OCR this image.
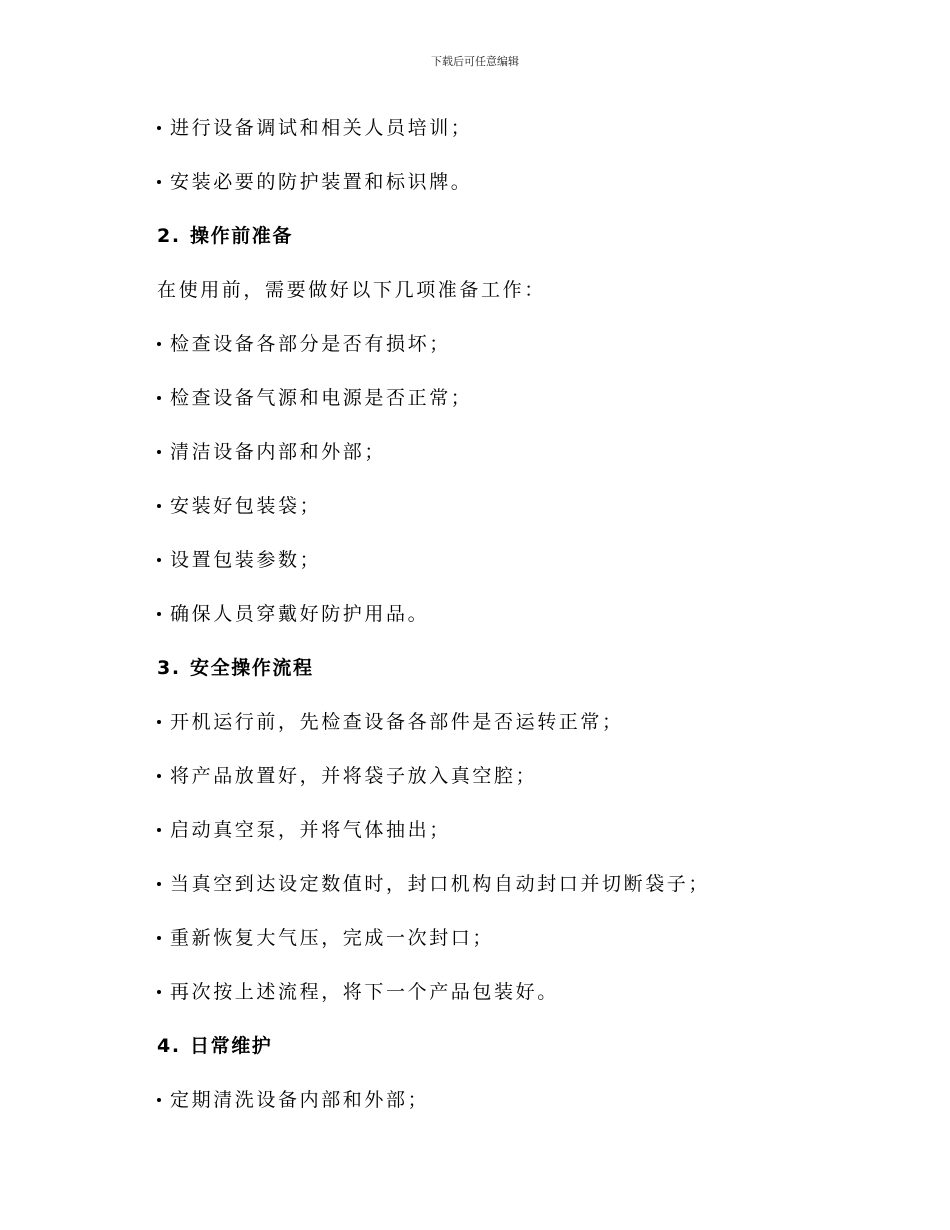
下载后可任意编辑
进行设备调试和相关人员培训；
安装必要的防护装置和标识牌。
2. 操作前准备
在使用前，需要做好以下几项准备工作：
检查设备各部分是否有损坏；
检查设备气源和电源是否正常；
清洁设备内部和外部；
安装好包装袋；
设置包装参数；
确保人员穿戴好防护用品。
3. 安全操作流程
开机运行前，先检查设备各部件是否运转正常；
将产品放置好，并将袋子放入真空腔；
启动真空泵，并将气体抽出；
当真空到达设定数值时，封口机构自动封口并切断袋子；
重新恢复大气压，完成一次封口；
再次按上述流程，将下一个产品包装好。
4. 日常维护
定期清洗设备内部和外部；
